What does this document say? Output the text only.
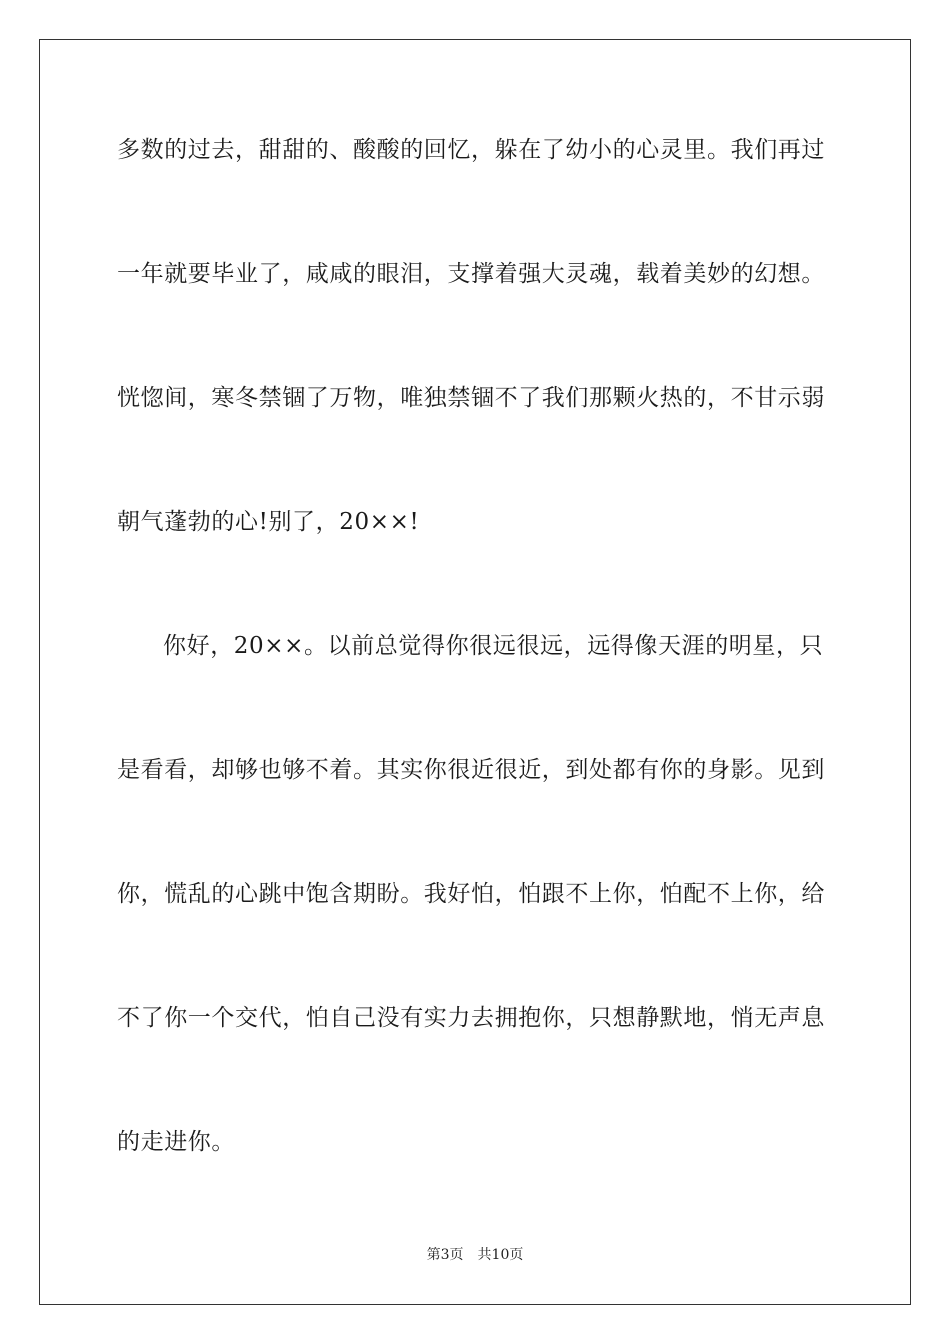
多数的过去，甜甜的、酸酸的回忆，躲在了幼小的心灵里。我们再过
一年就要毕业了，咸咸的眼泪，支撑着强大灵魂，载着美妙的幻想。
恍惚间，寒冬禁锢了万物，唯独禁锢不了我们那颗火热的，不甘示弱
朝气蓬勃的心!别了，20××!
你好，20××。以前总觉得你很远很远，远得像天涯的明星，只
是看看，却够也够不着。其实你很近很近，到处都有你的身影。见到
你，慌乱的心跳中饱含期盼。我好怕，怕跟不上你，怕配不上你，给
不了你一个交代，怕自己没有实力去拥抱你，只想静默地，悄无声息
的走进你。
第3页 共10页
